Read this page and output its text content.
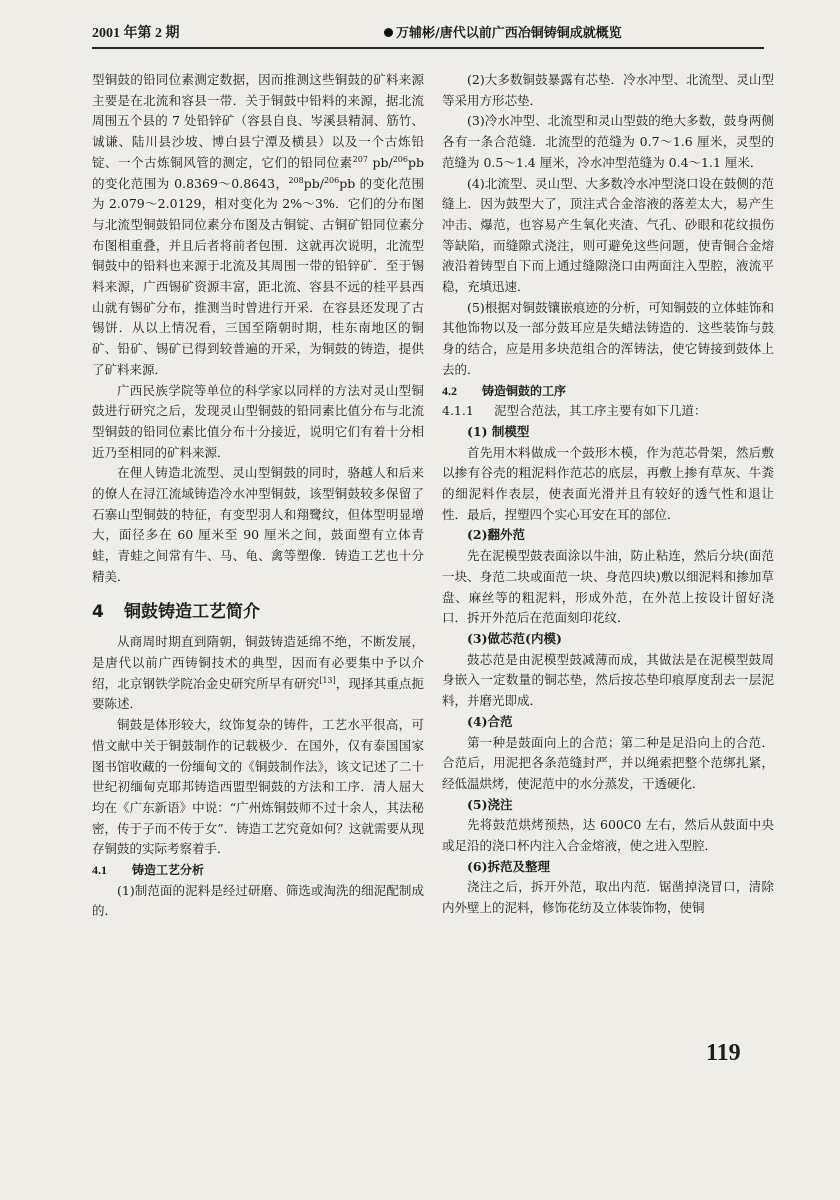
2001 年第 2 期	万辅彬/唐代以前广西冶铜铸铜成就概览

型铜鼓的铅同位素测定数据，因而推测这些铜鼓的矿料来源主要是在北流和容县一带．关于铜鼓中铅料的来源，据北流周围五个县的 7 处铅锌矿（容县自良、岑溪县精洞、筋竹、诚谦、陆川县沙坡、博白县宁潭及横县）以及一个古炼铅锭、一个古炼铜风管的测定，它们的铅同位素$^{207}$ pb/$^{206}$pb 的变化范围为 0.8369～0.8643，$^{208}$pb/$^{206}$pb 的变化范围为 2.079～2.0129，相对变化为 2%～3%．它们的分布图与北流型铜鼓铅同位素分布图及古铜锭、古铜矿铅同位素分布图相重叠，并且后者将前者包围．这就再次说明，北流型铜鼓中的铅料也来源于北流及其周围一带的铅锌矿．至于锡料来源，广西锡矿资源丰富，距北流、容县不远的桂平县西山就有锡矿分布，推测当时曾进行开采．在容县还发现了古锡饼．从以上情况看，三国至隋朝时期，桂东南地区的铜矿、铅矿、锡矿已得到较普遍的开采，为铜鼓的铸造，提供了矿料来源．

广西民族学院等单位的科学家以同样的方法对灵山型铜鼓进行研究之后，发现灵山型铜鼓的铅同素比值分布与北流型铜鼓的铅同位素比值分布十分接近，说明它们有着十分相近乃至相同的矿料来源．

在俚人铸造北流型、灵山型铜鼓的同时，骆越人和后来的僚人在浔江流域铸造冷水冲型铜鼓，该型铜鼓较多保留了石寨山型铜鼓的特征，有变型羽人和翔鹭纹，但体型明显增大，面径多在 60 厘米至 90 厘米之间，鼓面塑有立体青蛙，青蛙之间常有牛、马、龟、禽等塑像．铸造工艺也十分精美．

4 铜鼓铸造工艺简介

从商周时期直到隋朝，铜鼓铸造延绵不绝，不断发展，是唐代以前广西铸铜技术的典型，因而有必要集中予以介绍，北京钢铁学院冶金史研究所早有研究[13]，现择其重点扼要陈述．

铜鼓是体形较大，纹饰复杂的铸件，工艺水平很高，可惜文献中关于铜鼓制作的记载极少．在国外，仅有泰国国家图书馆收藏的一份缅甸文的《铜鼓制作法》，该文记述了二十世纪初缅甸克耶邦铸造西盟型铜鼓的方法和工序．清人屈大均在《广东新语》中说：“广州炼铜鼓师不过十余人，其法秘密，传于子而不传于女”．铸造工艺究竟如何？这就需要从现存铜鼓的实际考察着手．

4.1 铸造工艺分析

(1)制范面的泥料是经过研磨、筛选或淘洗的细泥配制成的．

(2)大多数铜鼓暴露有芯垫．冷水冲型、北流型、灵山型等采用方形芯垫．

(3)冷水冲型、北流型和灵山型鼓的绝大多数，鼓身两侧各有一条合范缝．北流型的范缝为 0.7～1.6 厘米，灵型的范缝为 0.5～1.4 厘米，冷水冲型范缝为 0.4～1.1 厘米．

(4)北流型、灵山型、大多数冷水冲型浇口设在鼓侧的范缝上．因为鼓型大了，顶注式合金溶液的落差太大，易产生冲击、爆范，也容易产生氧化夹渣、气孔、砂眼和花纹损伤等缺陷，而缝隙式浇注，则可避免这些问题，使青铜合金熔液沿着铸型自下而上通过缝隙浇口由两面注入型腔，液流平稳，充填迅速．

(5)根据对铜鼓镶嵌痕迹的分析，可知铜鼓的立体蛙饰和其他饰物以及一部分鼓耳应是失蜡法铸造的．这些装饰与鼓身的结合，应是用多块范组合的浑铸法，使它铸接到鼓体上去的．

4.2 铸造铜鼓的工序
4.1.1 泥型合范法，其工序主要有如下几道：

(1) 制模型

首先用木料做成一个鼓形木模，作为范芯骨架，然后敷以掺有谷壳的粗泥料作范芯的底层，再敷上掺有草灰、牛粪 的细泥料作表层，使表面光滑并且有较好的透气性和退让性．最后，捏塑四个实心耳安在耳的部位．

(2)翻外范

先在泥模型鼓表面涂以牛油，防止粘连，然后分块(面范一块、身范二块或面范一块、身范四块)敷以细泥料和掺加草盘、麻丝等的粗泥料，形成外范，在外范上按设计留好浇口．拆开外范后在范面刻印花纹．

(3)做芯范(内模)

鼓芯范是由泥模型鼓减薄而成，其做法是在泥模型鼓周身嵌入一定数量的铜芯垫，然后按芯垫印痕厚度刮去一层泥料，并磨光即成．

(4)合范

第一种是鼓面向上的合范；第二种是足沿向上的合范．合范后，用泥把各条范缝封严，并以绳索把整个范绑扎紧，经低温烘烤，使泥范中的水分蒸发，干透硬化．

(5)浇注

先将鼓范烘烤预热，达 600C0 左右，然后从鼓面中央或足沿的浇口杯内注入合金熔液，使之进入型腔．

(6)拆范及整理

浇注之后，拆开外范，取出内范．锯凿掉浇冒口，清除内外壁上的泥料，修饰花纺及立体装饰物，使铜

119
